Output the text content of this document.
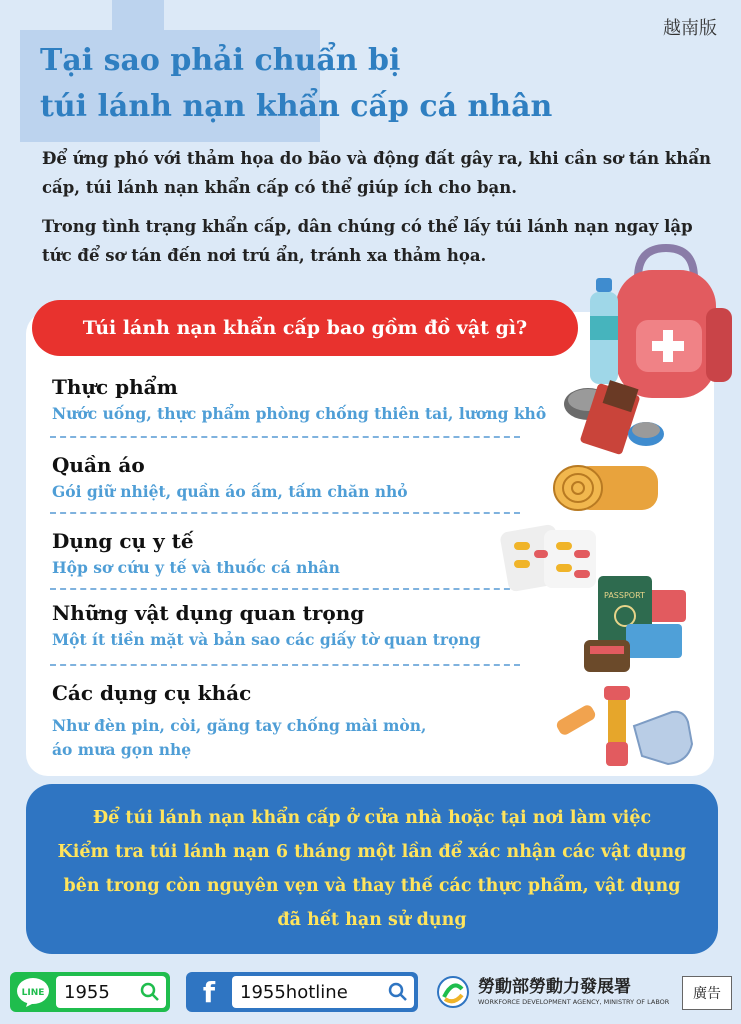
越南版
Tại sao phải chuẩn bị
túi lánh nạn khẩn cấp cá nhân

Để ứng phó với thảm họa do bão và động đất gây ra, khi cần sơ tán khẩn cấp, túi lánh nạn khẩn cấp có thể giúp ích cho bạn.

Trong tình trạng khẩn cấp, dân chúng có thể lấy túi lánh nạn ngay lập tức để sơ tán đến nơi trú ẩn, tránh xa thảm họa.

Túi lánh nạn khẩn cấp bao gồm đồ vật gì?
Thực phẩm
Nước uống, thực phẩm phòng chống thiên tai, lương khô
Quần áo
Gói giữ nhiệt, quần áo ấm, tấm chăn nhỏ
Dụng cụ y tế
Hộp sơ cứu y tế và thuốc cá nhân
Những vật dụng quan trọng
Một ít tiền mặt và bản sao các giấy tờ quan trọng
Các dụng cụ khác
Như đèn pin, còi, găng tay chống mài mòn,
áo mưa gọn nhẹ
PASSPORT
Để túi lánh nạn khẩn cấp ở cửa nhà hoặc tại nơi làm việc
Kiểm tra túi lánh nạn 6 tháng một lần để xác nhận các vật dụng bên trong còn nguyên vẹn và thay thế các thực phẩm, vật dụng đã hết hạn sử dụng
LINE 1955	f 1955hotline	勞動部勞動力發展署
WORKFORCE DEVELOPMENT AGENCY, MINISTRY OF LABOR	廣告
